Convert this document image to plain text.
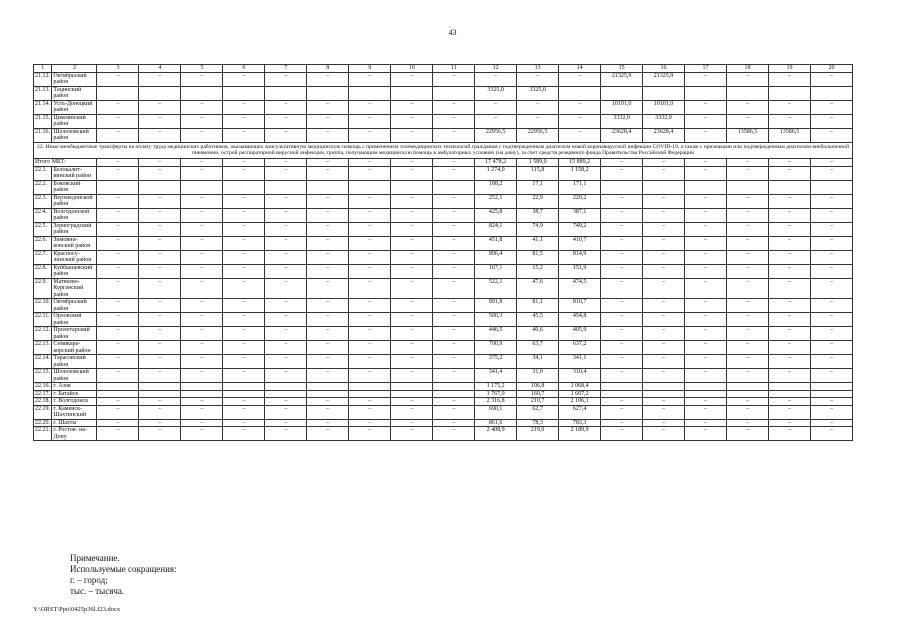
43
1	2	3	4	5	6	7	8	9	10	11	12	13	14	15	16	17	18	19	20
21.12.	Октябрьский район	–	–	–	–	–	–	–	–	–	–	–	–	21325,9	21325,9	–	–	–	–
21.13.	Тацинский район										3325,0	3325,0							
21.14.	Усть-Донецкий район	–	–	–	–	–	–	–	–	–	–	–	–	10101,0	10101,0	–	–	–	–
21.15.	Цимлянский район	–	–	–	–	–	–	–	–	–	–	–	–	3332,0	3332,0	–	–	–	–
21.16.	Шолоховский район	–	–	–	–	–	–	–	–	–	22956,5	22956,5	–	23628,4	23628,4	–	13586,5	13586,5	–
22. Иные межбюджетные трансферты на оплату труда медицинских работников, оказывающих консультативную медицинскую помощь с применением телемедицинских технологий гражданам с подтвержденным диагнозом новой коронавирусной инфекции COVID-19, а также с признаками или подтвержденным диагнозом внебольничной пневмонии, острой респираторной вирусной инфекции, гриппа, получающим медицинскую помощь в амбулаторных условиях (на дому), за счет средств резервного фонда Правительства Российской Федерации																			
Итого МБТ:		–	–	–	–	–	–	–	–	–	17 478,2	1 589,0	15 889,2	–	–	–	–	–	–
22.1.	Белокалит- винский район	–	–	–	–	–	–	–	–	–	1 274,0	115,8	1 158,2	–	–	–	–	–	–
22.2.	Боковский район										188,2	17,1	171,1						
22.3.	Верхнедонской район	–	–	–	–	–	–	–	–	–	252,1	22,9	229,2	–	–	–	–	–	–
22.4.	Волгодонской район	–	–	–	–	–	–	–	–	–	425,8	38,7	387,1	–	–	–	–	–	–
22.5.	Зерноградский район	–	–	–	–	–	–	–	–	–	824,1	74,9	749,2	–	–	–	–	–	–
22.6.	Зимовни- ковский район	–	–	–	–	–	–	–	–	–	451,8	41,1	410,7	–	–	–	–	–	–
22.7.	Красносу- линский район	–	–	–	–	–	–	–	–	–	896,4	81,5	814,9	–	–	–	–	–	–
22.8.	Куйбышевский район	–	–	–	–	–	–	–	–	–	167,1	15,2	151,9	–	–	–	–	–	–
22.9.	Матвеево- Курганский район	–	–	–	–	–	–	–	–	–	522,1	47,6	474,5	–	–	–	–	–	–
22.10.	Октябрьский район	–	–	–	–	–	–	–	–	–	891,8	81,1	810,7	–	–	–	–	–	–
22.11.	Орловский район	–	–	–	–	–	–	–	–	–	500,3	45,5	454,8	–	–	–	–	–	–
22.12.	Пролетарский район	–	–	–	–	–	–	–	–	–	446,5	40,6	405,9	–	–	–	–	–	–
22.13.	Семикара- корский район	–	–	–	–	–	–	–	–	–	700,9	63,7	637,2	–	–	–	–	–	–
22.14.	Тарасовский район	–	–	–	–	–	–	–	–	–	375,2	34,1	341,1	–	–	–	–	–	–
22.15.	Шолоховский район	–	–	–	–	–	–	–	–	–	341,4	31,0	310,4	–	–	–	–	–	–
22.16.	г. Азов										1 175,2	106,8	1 068,4						
22.17.	г. Батайск										1 767,9	160,7	1 607,2						
22.18.	г. Волгодонск	–	–	–	–	–	–	–	–	–	2 316,8	210,7	2 106,1	–	–	–	–	–	–
22.19.	г. Каменск- Шахтинский	–	–	–	–	–	–	–	–	–	690,1	62,7	627,4	–	–	–	–	–	–
22.20.	г. Шахты	–	–	–	–	–	–	–	–	–	861,6	78,3	783,3	–	–	–	–	–	–
22.21.	г. Ростов- на-Дону	–	–	–	–	–	–	–	–	–	2 408,9	219,0	2 189,9	–	–	–	–	–	–
Примечание.
Используемые сокращения:
г. – город;
тыс. – тысяча.
Y:\ORST\Ppo\0425p36l.f23.docx
